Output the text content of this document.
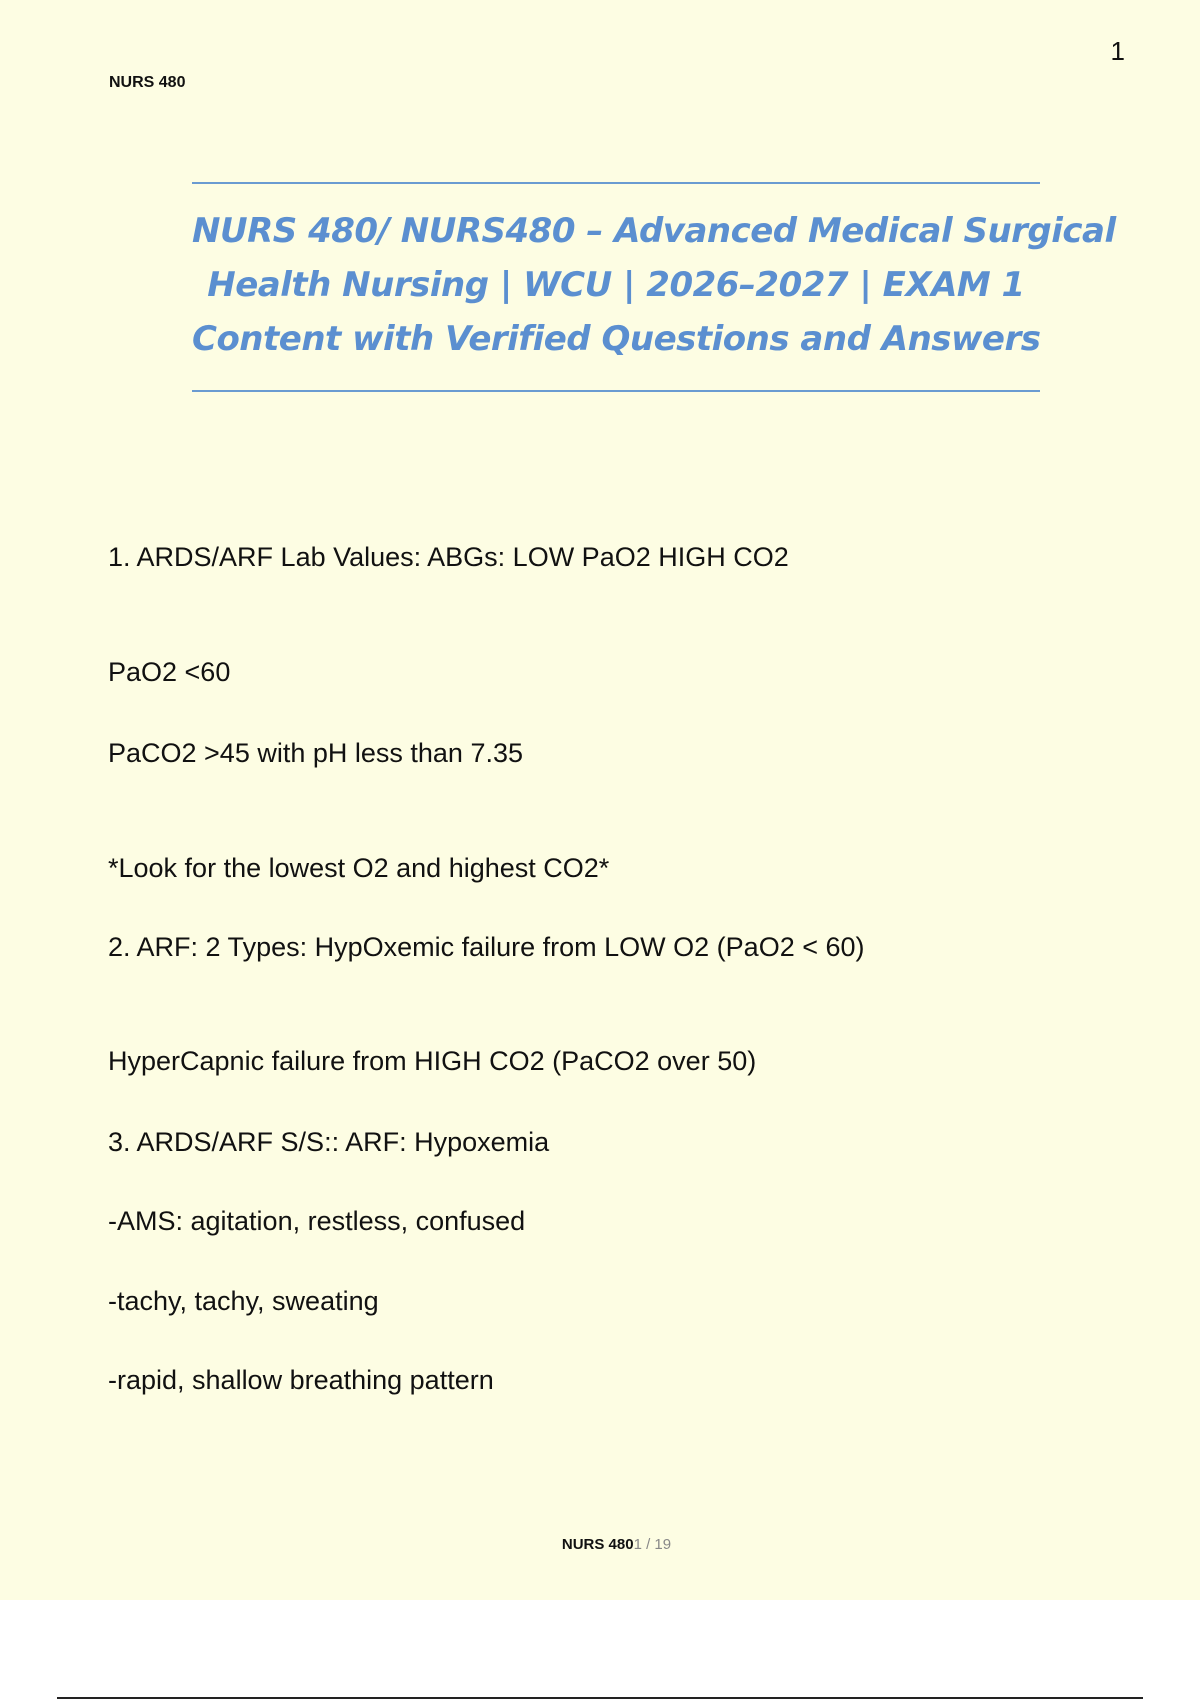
1
NURS 480
NURS 480/ NURS480 – Advanced Medical Surgical
Health Nursing | WCU | 2026–2027 | EXAM 1
Content with Verified Questions and Answers
1. ARDS/ARF Lab Values: ABGs: LOW PaO2 HIGH CO2
PaO2 <60
PaCO2 >45 with pH less than 7.35
*Look for the lowest O2 and highest CO2*
2. ARF: 2 Types: HypOxemic failure from LOW O2 (PaO2 < 60)
HyperCapnic failure from HIGH CO2 (PaCO2 over 50)
3. ARDS/ARF S/S:: ARF: Hypoxemia
-AMS: agitation, restless, confused
-tachy, tachy, sweating
-rapid, shallow breathing pattern
NURS 4801 / 19
